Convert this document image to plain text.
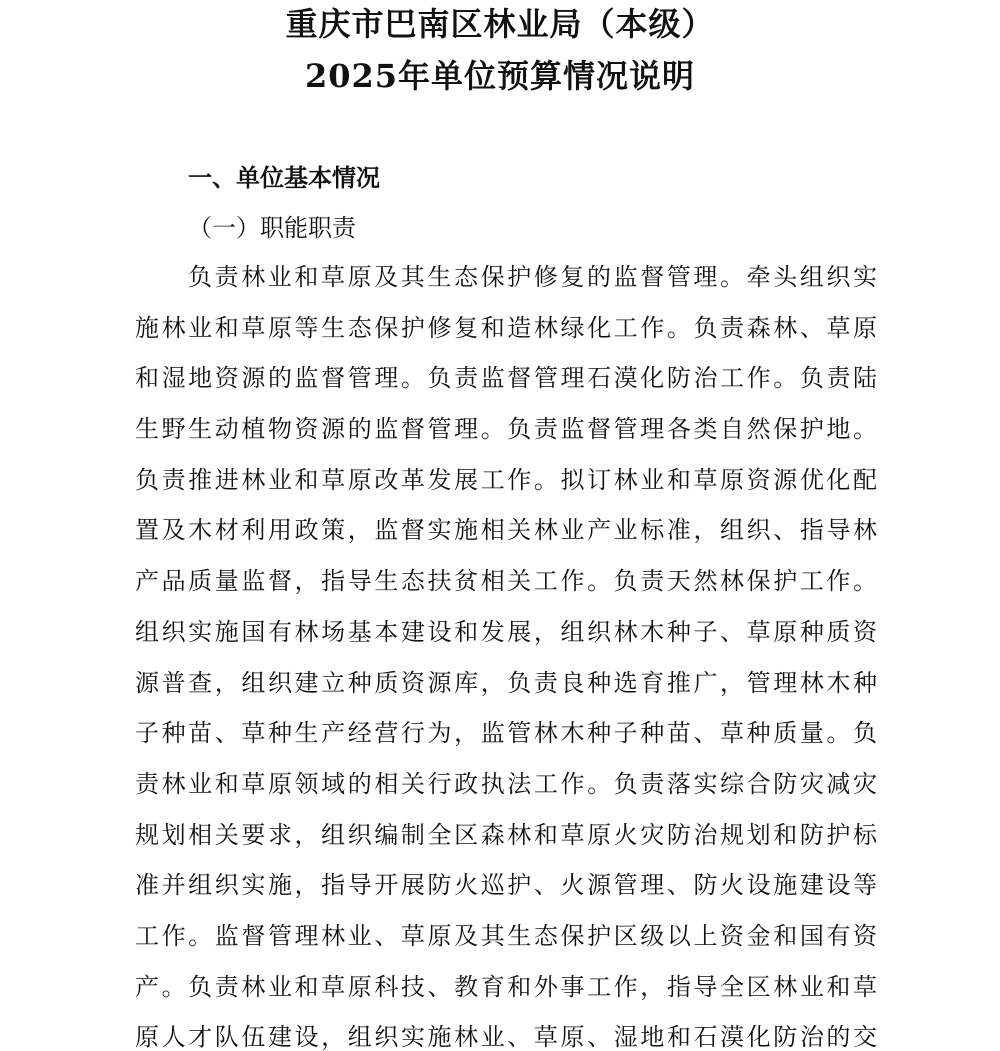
重庆市巴南区林业局（本级）
2025年单位预算情况说明
一、单位基本情况
（一）职能职责
负责林业和草原及其生态保护修复的监督管理。牵头组织实
施林业和草原等生态保护修复和造林绿化工作。负责森林、草原
和湿地资源的监督管理。负责监督管理石漠化防治工作。负责陆
生野生动植物资源的监督管理。负责监督管理各类自然保护地。
负责推进林业和草原改革发展工作。拟订林业和草原资源优化配
置及木材利用政策，监督实施相关林业产业标准，组织、指导林
产品质量监督，指导生态扶贫相关工作。负责天然林保护工作。
组织实施国有林场基本建设和发展，组织林木种子、草原种质资
源普查，组织建立种质资源库，负责良种选育推广，管理林木种
子种苗、草种生产经营行为，监管林木种子种苗、草种质量。负
责林业和草原领域的相关行政执法工作。负责落实综合防灾减灾
规划相关要求，组织编制全区森林和草原火灾防治规划和防护标
准并组织实施，指导开展防火巡护、火源管理、防火设施建设等
工作。监督管理林业、草原及其生态保护区级以上资金和国有资
产。负责林业和草原科技、教育和外事工作，指导全区林业和草
原人才队伍建设，组织实施林业、草原、湿地和石漠化防治的交
